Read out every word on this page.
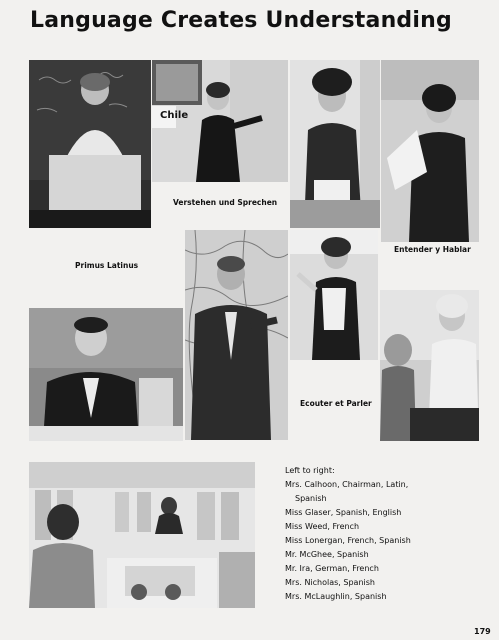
Language Creates Understanding
Chile
Verstehen und Sprechen
Entender y Hablar
Primus Latinus
Ecouter et Parler
Left to right:
Mrs. Calhoon, Chairman, Latin,
Spanish
Miss Glaser, Spanish, English
Miss Weed, French
Miss Lonergan, French, Spanish
Mr. McGhee, Spanish
Mr. Ira, German, French
Mrs. Nicholas, Spanish
Mrs. McLaughlin, Spanish
179
